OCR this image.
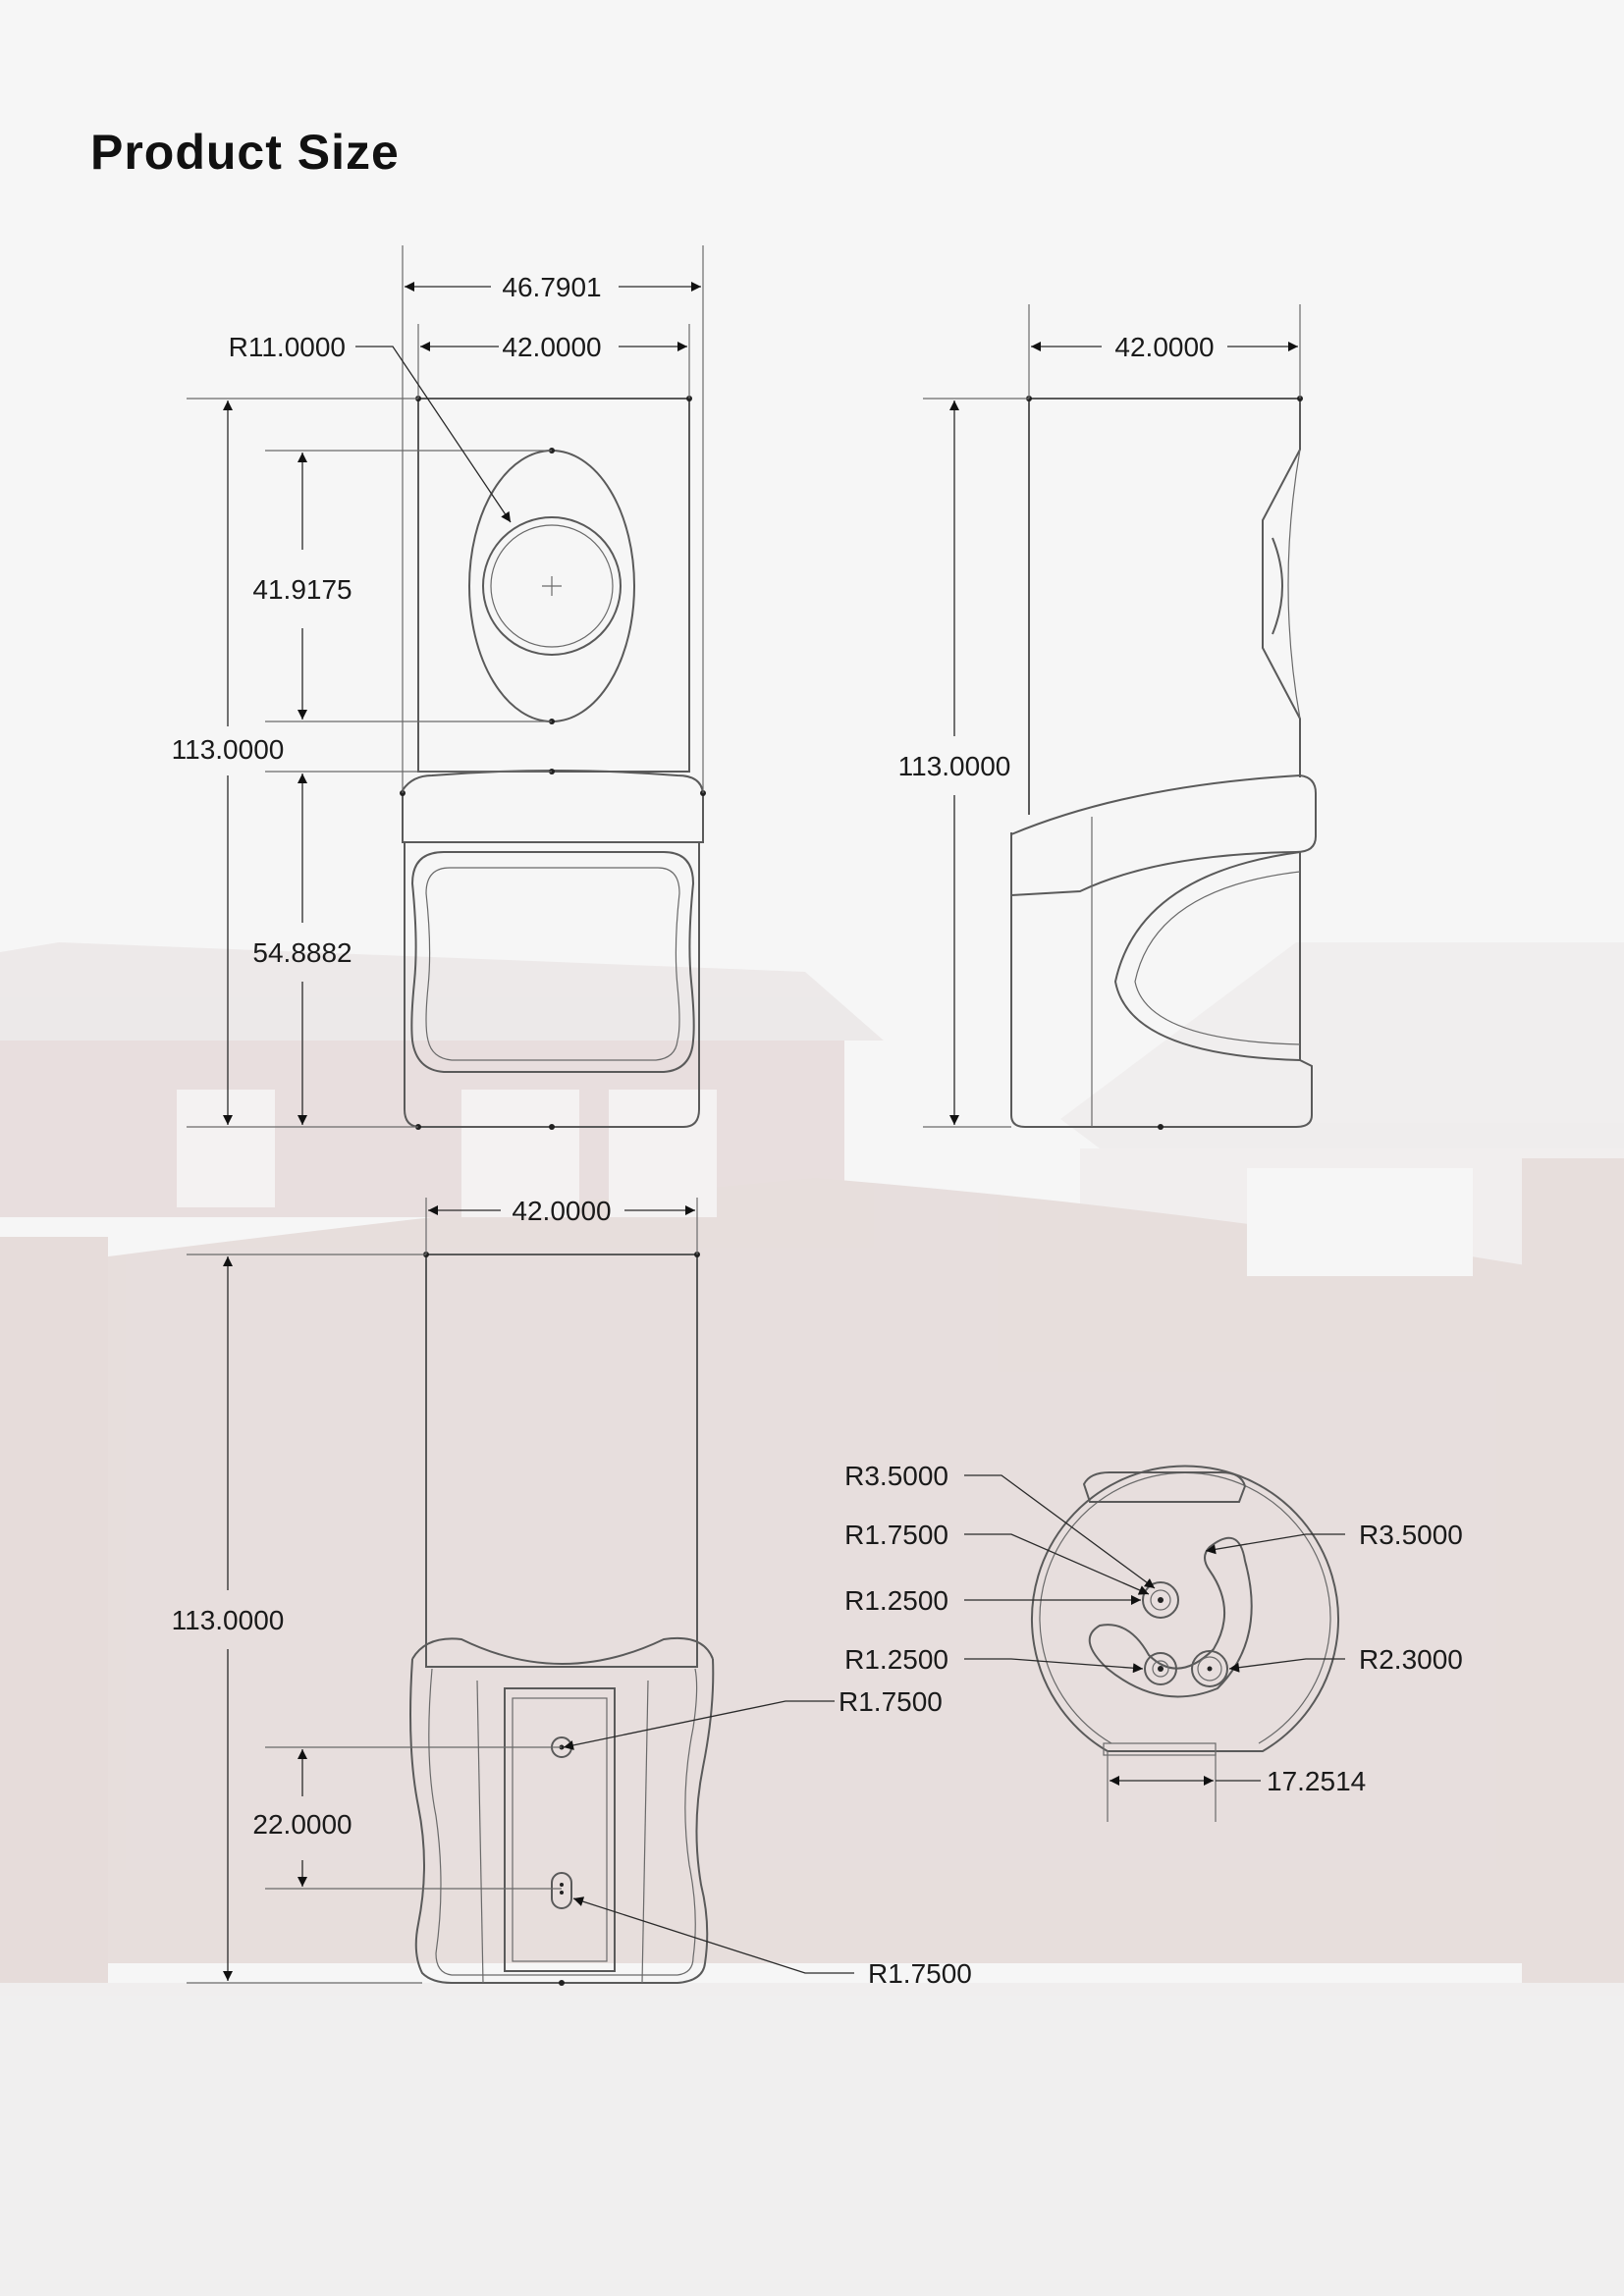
Product Size
46.7901
42.0000
R11.0000
113.0000
41.9175
54.8882
42.0000
113.0000
42.0000
113.0000
22.0000
R1.7500
R1.7500
R3.5000
R1.7500
R1.2500
R1.2500
R3.5000
R2.3000
17.2514
